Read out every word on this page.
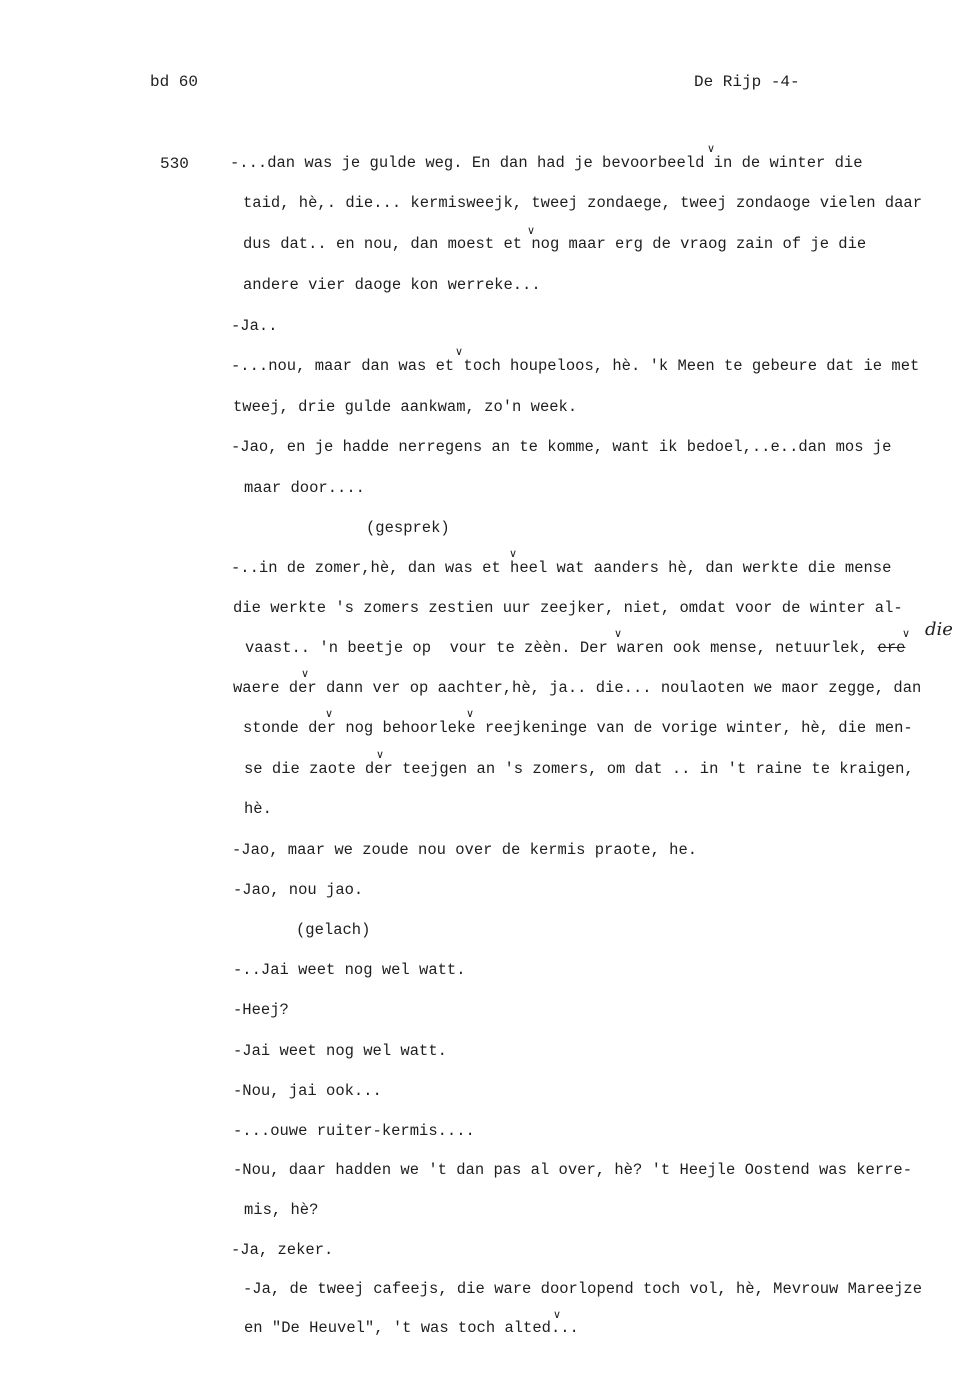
bd 60	De Rijp -4-
530	-...dan was je gulde weg. En dan had je bevoorbeeld in de winter die
taid, hè,. die... kermisweejk, tweej zondaege, tweej zondaoge vielen daar
dus dat.. en nou, dan moest et nog maar erg de vraog zain of je die
andere vier daoge kon werreke...
-Ja..
-...nou, maar dan was et toch houpeloos, hè. 'k Meen te gebeure dat ie met
tweej, drie gulde aankwam, zo'n week.
-Jao, en je hadde nerregens an te komme, want ik bedoel,..e..dan mos je
maar door....
(gesprek)
-..in de zomer,hè, dan was et heel wat aanders hè, dan werkte die mense
die werkte 's zomers zestien uur zeejker, niet, omdat voor de winter al-
vaast.. 'n beetje op  vour te zèèn. Der waren ook mense, netuurlek, ere
waere der dann ver op aachter,hè, ja.. die... noulaoten we maor zegge, dan
stonde der nog behoorleke reejkeninge van de vorige winter, hè, die men-
se die zaote der teejgen an 's zomers, om dat .. in 't raine te kraigen,
hè.
-Jao, maar we zoude nou over de kermis praote, he.
-Jao, nou jao.
(gelach)
-..Jai weet nog wel watt.
-Heej?
-Jai weet nog wel watt.
-Nou, jai ook...
-...ouwe ruiter-kermis....
-Nou, daar hadden we 't dan pas al over, hè? 't Heejle Oostend was kerre-
mis, hè?
-Ja, zeker.
-Ja, de tweej cafeejs, die ware doorlopend toch vol, hè, Mevrouw Mareejze
en "De Heuvel", 't was toch alted...
die
∨
∨
∨
∨
∨	∨
∨
∨	∨
∨
∨
